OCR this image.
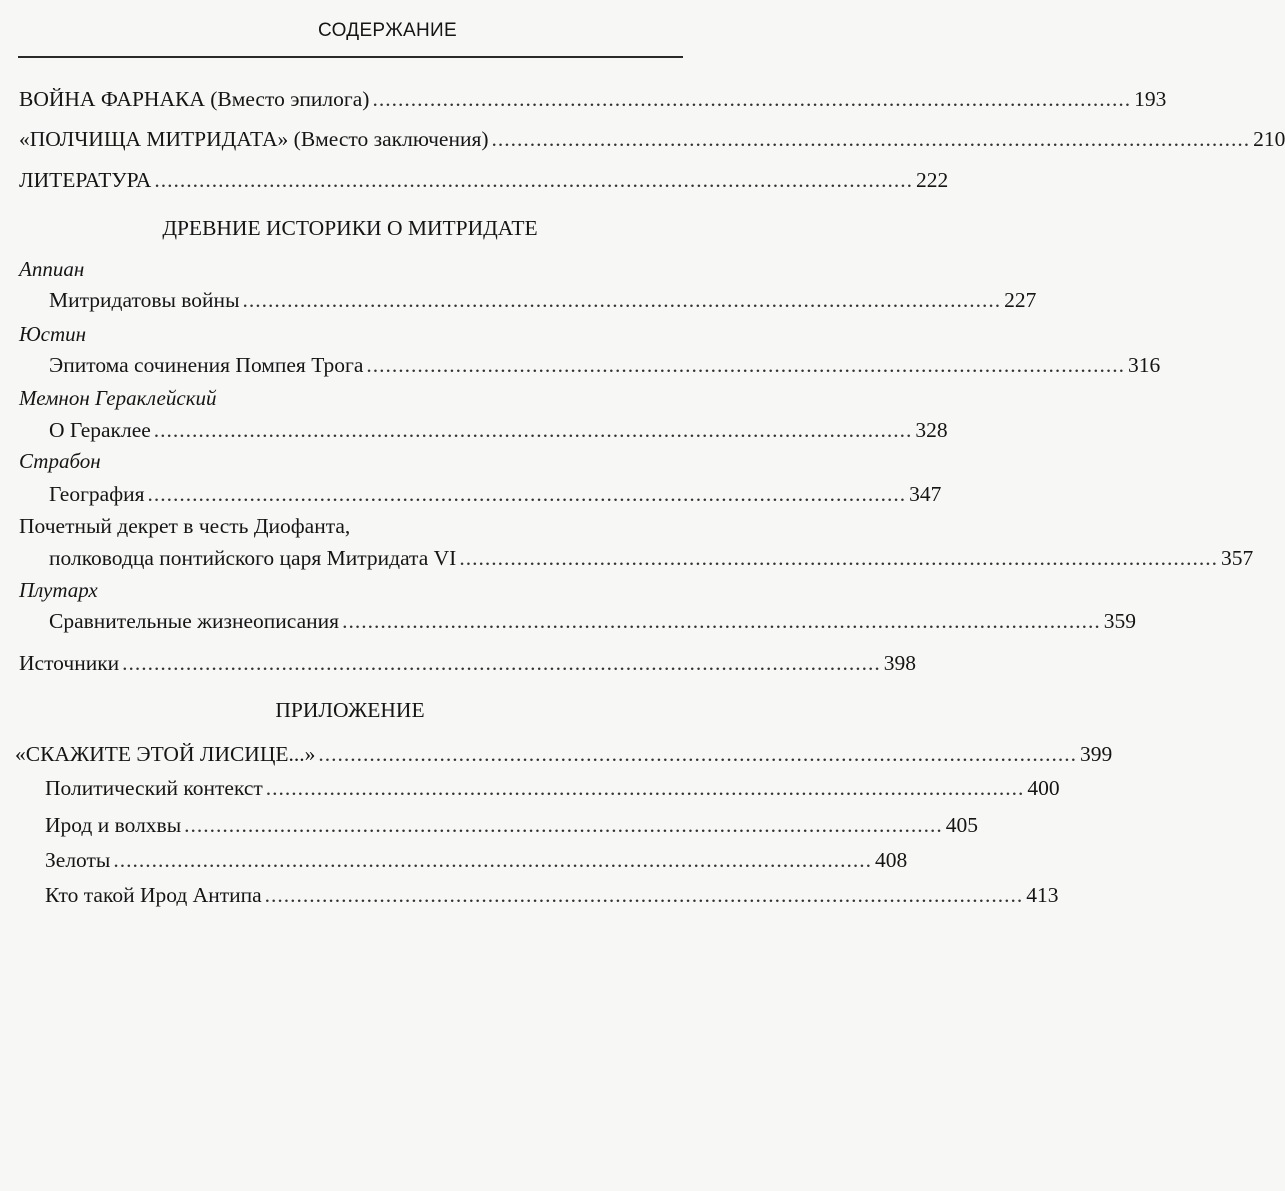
СОДЕРЖАНИЕ
ВОЙНА ФАРНАКА (Вместо эпилога) ....................................................................................................................... 193
«ПОЛЧИЩА МИТРИДАТА» (Вместо заключения) ....................................................................................................................... 210
ЛИТЕРАТУРА ....................................................................................................................... 222
ДРЕВНИЕ ИСТОРИКИ О МИТРИДАТЕ
Аппиан
Митридатовы войны ....................................................................................................................... 227
Юстин
Эпитома сочинения Помпея Трога ....................................................................................................................... 316
Мемнон Гераклейский
О Гераклее ....................................................................................................................... 328
Страбон
География ....................................................................................................................... 347
Почетный декрет в честь Диофанта,
полководца понтийского царя Митридата VI ....................................................................................................................... 357
Плутарх
Сравнительные жизнеописания ....................................................................................................................... 359
Источники ....................................................................................................................... 398
ПРИЛОЖЕНИЕ
«СКАЖИТЕ ЭТОЙ ЛИСИЦЕ...» ....................................................................................................................... 399
Политический контекст ....................................................................................................................... 400
Ирод и волхвы ....................................................................................................................... 405
Зелоты ....................................................................................................................... 408
Кто такой Ирод Антипа ....................................................................................................................... 413
